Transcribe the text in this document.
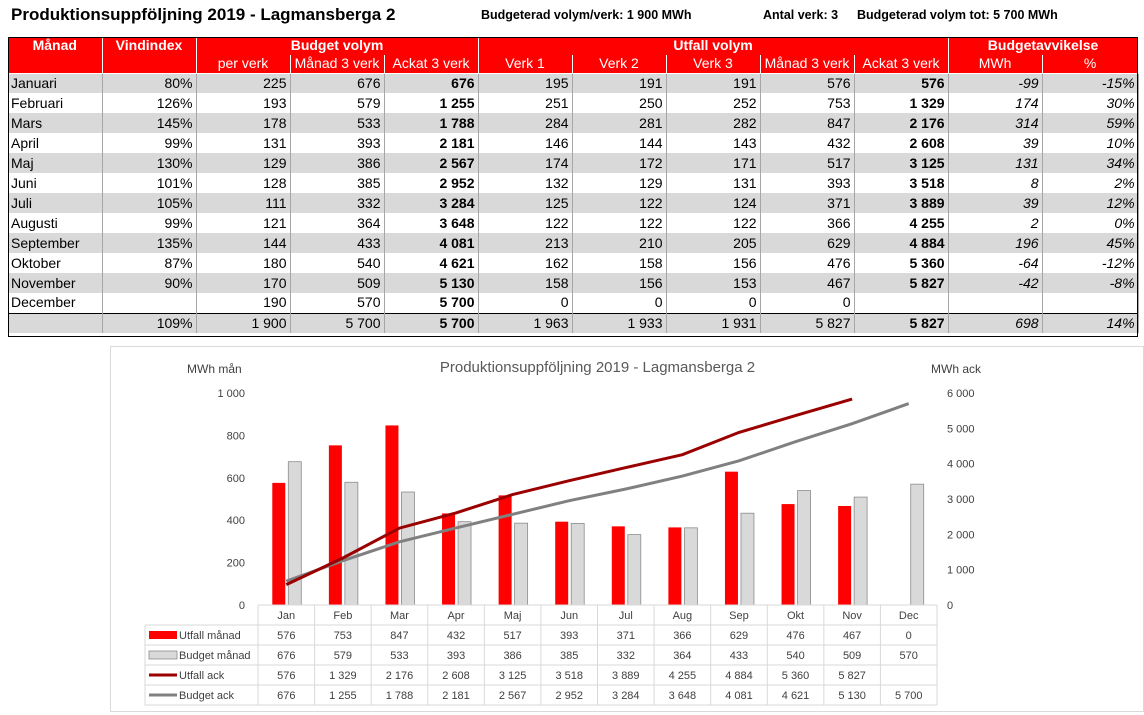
Produktionsuppföljning 2019 - Lagmansberga 2	Budgeterad volym/verk: 1 900 MWh	Antal verk: 3 Budgeterad volym tot: 5 700 MWh
Månad	Vindindex	Budget volym			Utfall volym					Budgetavvikelse	
		per verk	Månad 3 verk	Ackat 3 verk	Verk 1	Verk 2	Verk 3	Månad 3 verk	Ackat 3 verk	MWh	%
Januari	80%	225	676	676	195	191	191	576	576	-99	-15%
Februari	126%	193	579	1 255	251	250	252	753	1 329	174	30%
Mars	145%	178	533	1 788	284	281	282	847	2 176	314	59%
April	99%	131	393	2 181	146	144	143	432	2 608	39	10%
Maj	130%	129	386	2 567	174	172	171	517	3 125	131	34%
Juni	101%	128	385	2 952	132	129	131	393	3 518	8	2%
Juli	105%	111	332	3 284	125	122	124	371	3 889	39	12%
Augusti	99%	121	364	3 648	122	122	122	366	4 255	2	0%
September	135%	144	433	4 081	213	210	205	629	4 884	196	45%
Oktober	87%	180	540	4 621	162	158	156	476	5 360	-64	-12%
November	90%	170	509	5 130	158	156	153	467	5 827	-42	-8%
December		190	570	5 700	0	0	0	0			
	109%	1 900	5 700	5 700	1 963	1 933	1 931	5 827	5 827	698	14%
Produktionsuppföljning 2019 - Lagmansberga 2
MWh mån	MWh ack
0
200
400
600
800
1 000
0
1 000
2 000
3 000
4 000
5 000
6 000
Jan	Feb	Mar	Apr	Maj	Jun	Jul	Aug	Sep	Okt	Nov	Dec
Utfall månad	576	753	847	432	517	393	371	366	629	476	467	0
Budget månad 676	579	533	393	386	385	332	364	433	540	509	570
Utfall ack	576	1 329	2 176	2 608	3 125	3 518	3 889	4 255	4 884	5 360	5 827
Budget ack	676	1 255	1 788	2 181	2 567	2 952	3 284	3 648	4 081	4 621	5 130	5 700
